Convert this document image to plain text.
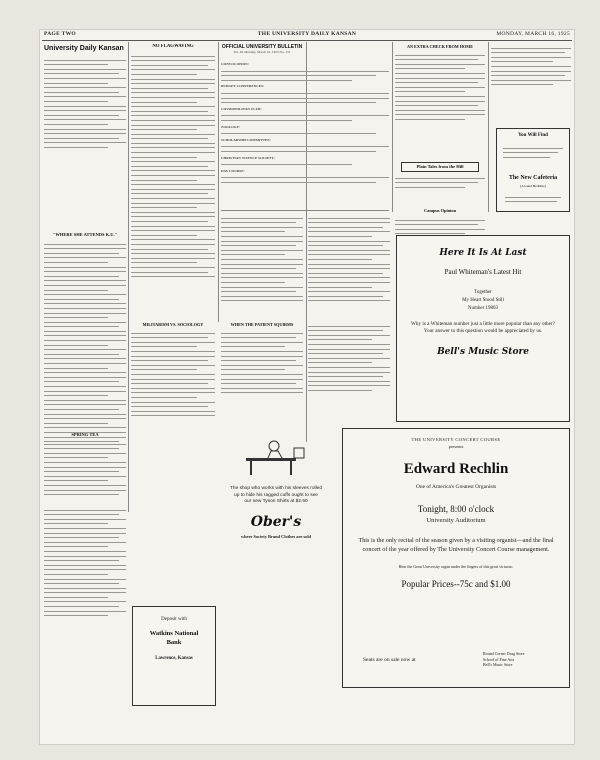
PAGE TWO	THE UNIVERSITY DAILY KANSAN	MONDAY, MARCH 16, 1925
University Daily Kansan
"WHERE SHE ATTENDS K.U."
SPRING TEA
NO FLAGWAVING	OFFICIAL UNIVERSITY BULLETIN
Vol. IX Monday, March 16, 1925 No. 131
CONVOCATION:
BUDGET CONFERENCES:
COSMOPOLITAN CLUB:
ZOOLOGY:
SCHOLARSHIP COMMITTEE:
CHRISTIAN SCIENCE SOCIETY:
DAY COURSE:
MILITARISM VS. SOCIOLOGY	WHEN THE PATIENT SQUIRMS
AN EXTRA CHECK FROM HOME
Plain Tales from the Hill
You Will Find
The New Cafeteria
(Around Bedtime)
Campus Opinion
Here It Is At Last
Paul Whiteman's Latest Hit
Together
My Heart Stood Still
Number 19803
Why is a Whiteman number just a little more popular than any other? Your answer to this question would be appreciated by us.
Bell's Music Store
The shop who works with his sleeves rolled up to hide his ragged cuffs ought to see our new Tyson Shirts at $2.50
Ober's
where Society Brand Clothes are sold
Deposit with
Watkins National
Bank
Lawrence, Kansas
THE UNIVERSITY CONCERT COURSE
presents
Edward Rechlin
One of America's Greatest Organists
Tonight, 8:00 o'clock
University Auditorium
This is the only recital of the season given by a visiting organist—and the final concert of the year offered by The University Concert Course management.
Hear the Great University organ under the fingers of this great virtuoso.
Popular Prices--75c and $1.00
Seats are on sale now at
Round Corner Drug Store
School of Fine Arts
Bell's Music Store
